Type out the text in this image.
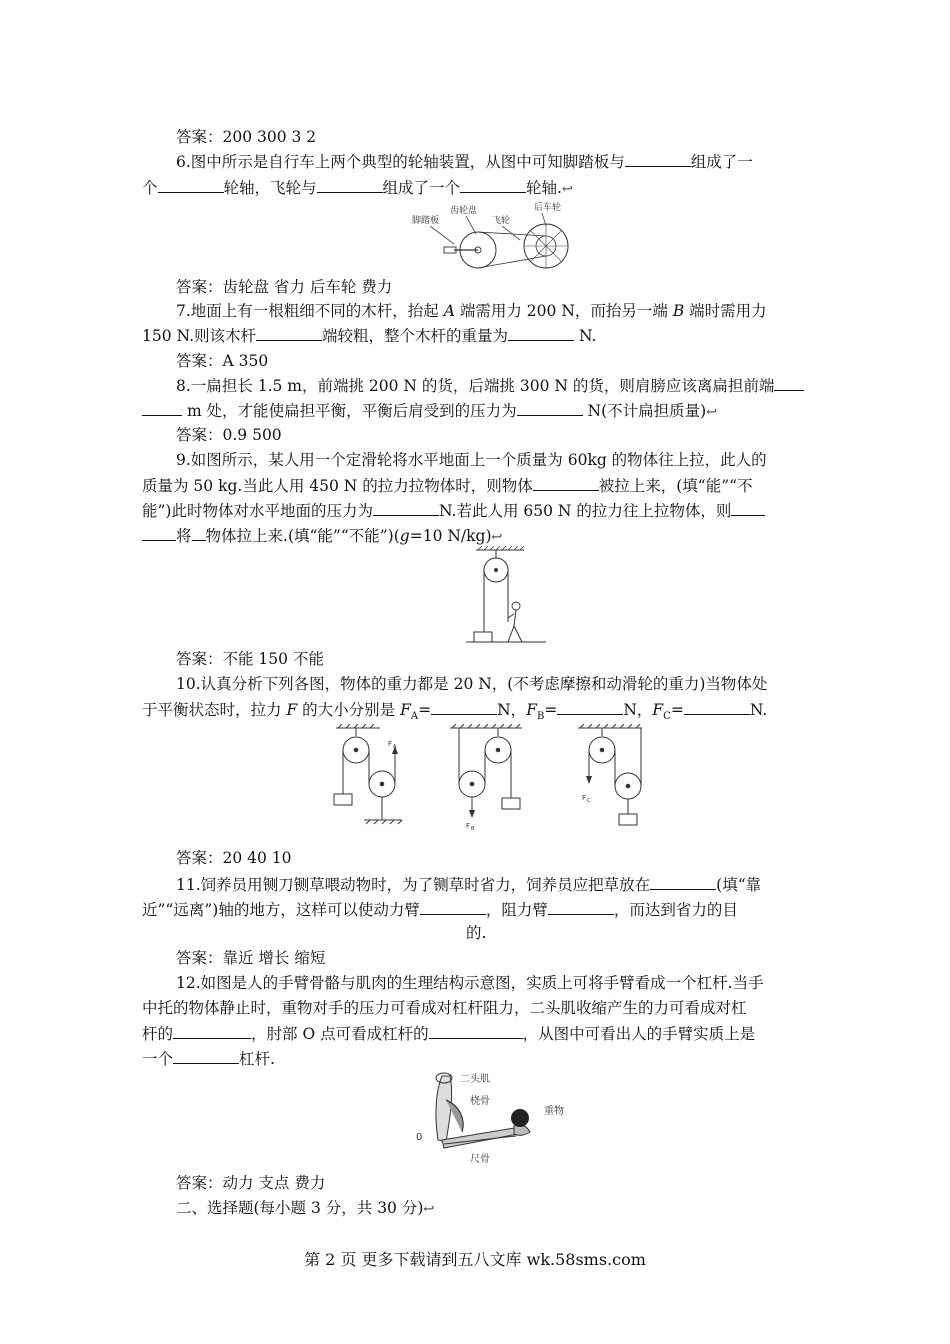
答案：200 300 3 2
6.图中所示是自行车上两个典型的轮轴装置，从图中可知脚踏板与	组成了一
个	轮轴，飞轮与	组成了一个	轮轴.↩
齿轮盘	后车轮
脚踏板	飞轮
答案：齿轮盘 省力 后车轮 费力
7.地面上有一根粗细不同的木杆，抬起 A 端需用力 200 N，而抬另一端 B 端时需用力
150 N.则该木杆	端较粗，整个木杆的重量为	N.
答案：A 350
8.一扁担长 1.5 m，前端挑 200 N 的货，后端挑 300 N 的货，则肩膀应该离扁担前端
m 处，才能使扁担平衡，平衡后肩受到的压力为	N(不计扁担质量)↩
答案：0.9 500
9.如图所示，某人用一个定滑轮将水平地面上一个质量为 60kg 的物体往上拉，此人的
质量为 50 kg.当此人用 450 N 的拉力拉物体时，则物体	被拉上来，(填“能”“不
能”)此时物体对水平地面的压力为	N.若此人用 650 N 的拉力往上拉物体，则
将 物体拉上来.(填“能”“不能”)(g=10 N/kg)↩
答案：不能 150 不能
10.认真分析下列各图，物体的重力都是 20 N，(不考虑摩擦和动滑轮的重力)当物体处
于平衡状态时，拉力 F 的大小分别是 $F_A=$	N，$F_B=$	N，$F_C=$	N.
F A
F B
F C
答案：20 40 10
11.饲养员用铡刀铡草喂动物时，为了铡草时省力，饲养员应把草放在	(填“靠
近”“远离”)轴的地方，这样可以使动力臂	，阻力臂	，而达到省力的目
的.
答案：靠近 增长 缩短
12.如图是人的手臂骨骼与肌肉的生理结构示意图，实质上可将手臂看成一个杠杆.当手
中托的物体静止时，重物对手的压力可看成对杠杆阻力，二头肌收缩产生的力可看成对杠
杆的	，肘部 O 点可看成杠杆的	，从图中可看出人的手臂实质上是
一个	杠杆.
二头肌
桡骨
重物
尺骨
0
答案：动力 支点 费力
二、选择题(每小题 3 分，共 30 分)↩
第 2 页 更多下载请到五八文库 wk.58sms.com
